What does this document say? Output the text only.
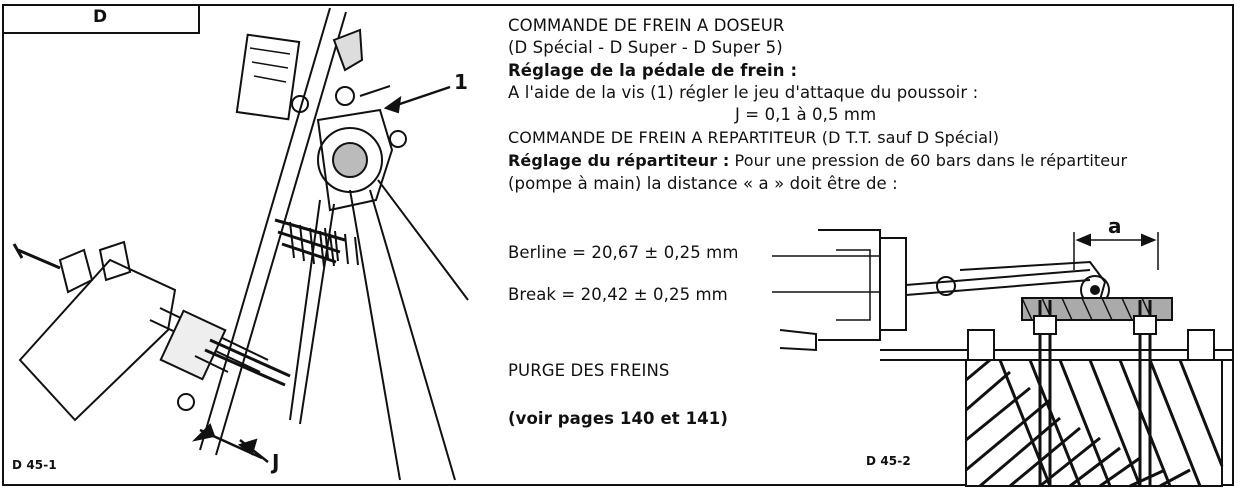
D	COMMANDE DE FREIN A DOSEUR
(D Spécial - D Super - D Super 5)
Réglage de la pédale de frein :
A l'aide de la vis (1) régler le jeu d'attaque du poussoir :
J = 0,1 à 0,5 mm
COMMANDE DE FREIN A REPARTITEUR (D T.T. sauf D Spécial)
Réglage du répartiteur : Pour une pression de 60 bars dans le répartiteur
(pompe à main) la distance « a » doit être de :
Berline = 20,67 ± 0,25 mm
Break = 20,42 ± 0,25 mm
PURGE DES FREINS
(voir pages 140 et 141)
1
J
a
D 45-1	D 45-2
